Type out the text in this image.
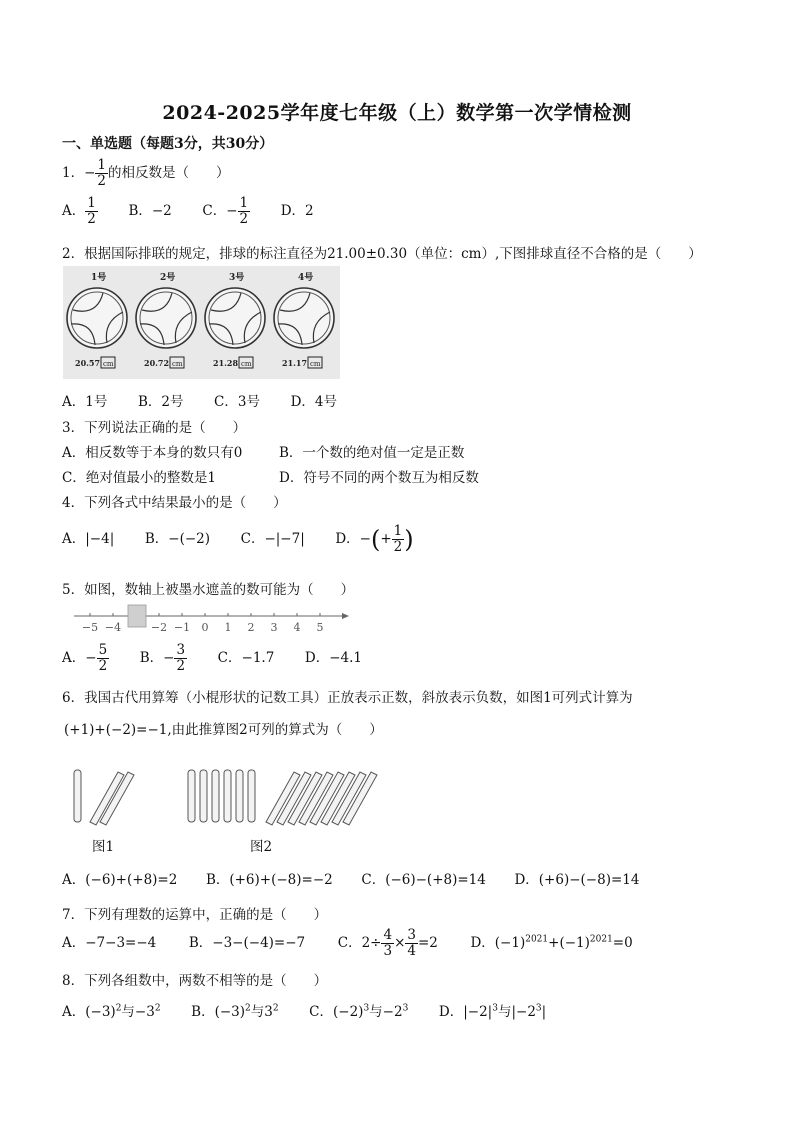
2024-2025学年度七年级（上）数学第一次学情检测
一、单选题（每题3分，共30分）
1．− $\frac{1}{2}$ 的相反数是（　　）
A． $\frac{1}{2}$ B．−2 C．− $\frac{1}{2}$ D．2
2．根据国际排联的规定，排球的标注直径为21.00±0.30（单位：cm）,下图排球直径不合格的是（　　）
1号
20.57 cm
2号
20.72 cm
3号
21.28 cm
4号
21.17 cm
A．1号 B．2号 C．3号 D．4号
3．下列说法正确的是（　　）
A．相反数等于本身的数只有0	B．一个数的绝对值一定是正数
C．绝对值最小的整数是1	D．符号不同的两个数互为相反数
4．下列各式中结果最小的是（　　）
A．|−4| B．−(−2) C．−|−7| D．−(+ $\frac{1}{2}$ )
5．如图，数轴上被墨水遮盖的数可能为（　　）
−5 −4	−2 −1 0 1 2 3 4 5
A．− $\frac{5}{2}$ B．− $\frac{3}{2}$ C．−1.7 D．−4.1
6．我国古代用算筹（小棍形状的记数工具）正放表示正数，斜放表示负数，如图1可列式计算为
(+1)+(−2)=−1,由此推算图2可列的算式为（　　）
图1	图2
A．(−6)+(+8)=2 B．(+6)+(−8)=−2 C．(−6)−(+8)=14 D．(+6)−(−8)=14
7．下列有理数的运算中，正确的是（　　）
A．−7−3=−4 B．−3−(−4)=−7 C．$2\div \frac{4}{3} \times \frac{3}{4} =2$ D．$(-1)^{2021}+(-1)^{2021}=0$
8．下列各组数中，两数不相等的是（　　）
A．$(-3)^2$与$-3^2$ B．$(-3)^2$与$3^2$ C．$(-2)^3$与$-2^3$ D．$|-2|^3$与$|-2^3|$
